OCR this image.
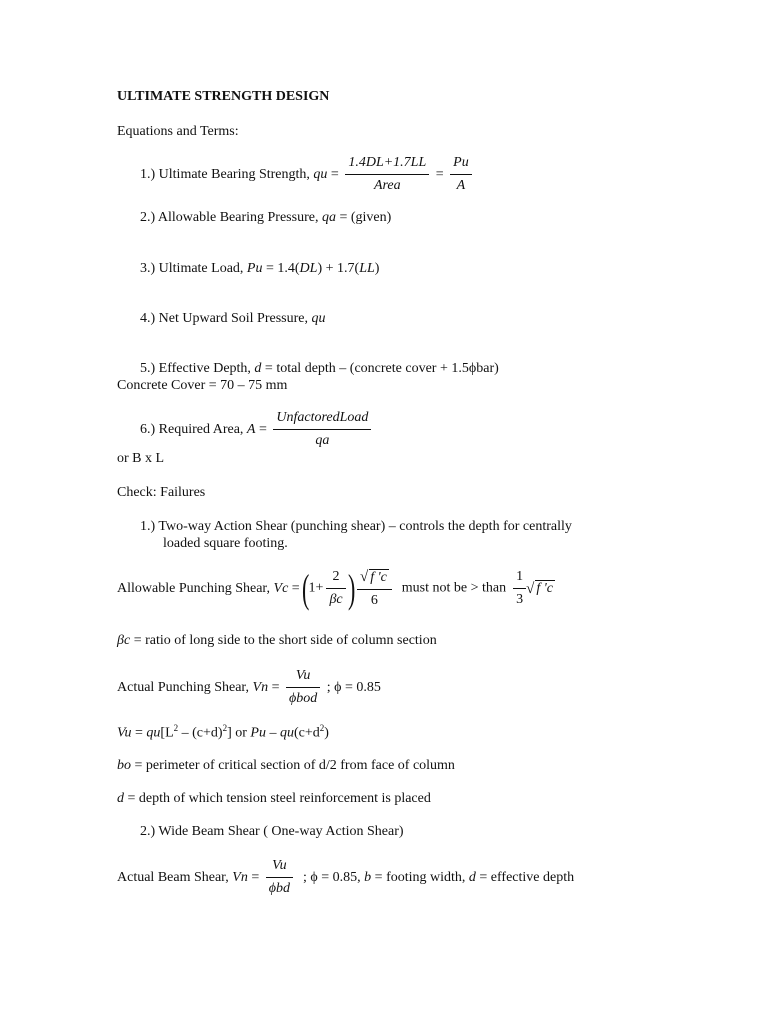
ULTIMATE STRENGTH DESIGN
Equations and Terms:
1.) Ultimate Bearing Strength, qu = $\frac{1.4DL+1.7LL}{\text{Area}} = \frac{Pu}{A}$
2.) Allowable Bearing Pressure, qa = (given)
3.) Ultimate Load, Pu = 1.4(DL) + 1.7(LL)
4.) Net Upward Soil Pressure, qu
5.) Effective Depth, d = total depth – (concrete cover + 1.5ϕbar)
Concrete Cover = 70 – 75 mm
6.) Required Area, $A = \frac{\text{UnfactoredLoad}}{qa}$
or B x L
Check: Failures
1.) Two-way Action Shear (punching shear) – controls the depth for centrally
loaded square footing.
Allowable Punching Shear, $Vc = (1+ \frac{2}{\beta c}$ ) $\frac{√ f 'c}{6}$ must not be > than $\frac{1}{3}$ √ f 'c
βc = ratio of long side to the short side of column section
Actual Punching Shear, $Vn = \frac{Vu}{\text{ϕbod}}$ ; ϕ = 0.85
$Vu = qu[L^2 - (c+d)^2]$ or $Pu - qu(c+d^2)$
bo = perimeter of critical section of d/2 from face of column
d = depth of which tension steel reinforcement is placed
2.) Wide Beam Shear ( One-way Action Shear)
Actual Beam Shear, $Vn = \frac{Vu}{\text{ϕbd}}$ ; ϕ = 0.85, b = footing width, d = effective depth
